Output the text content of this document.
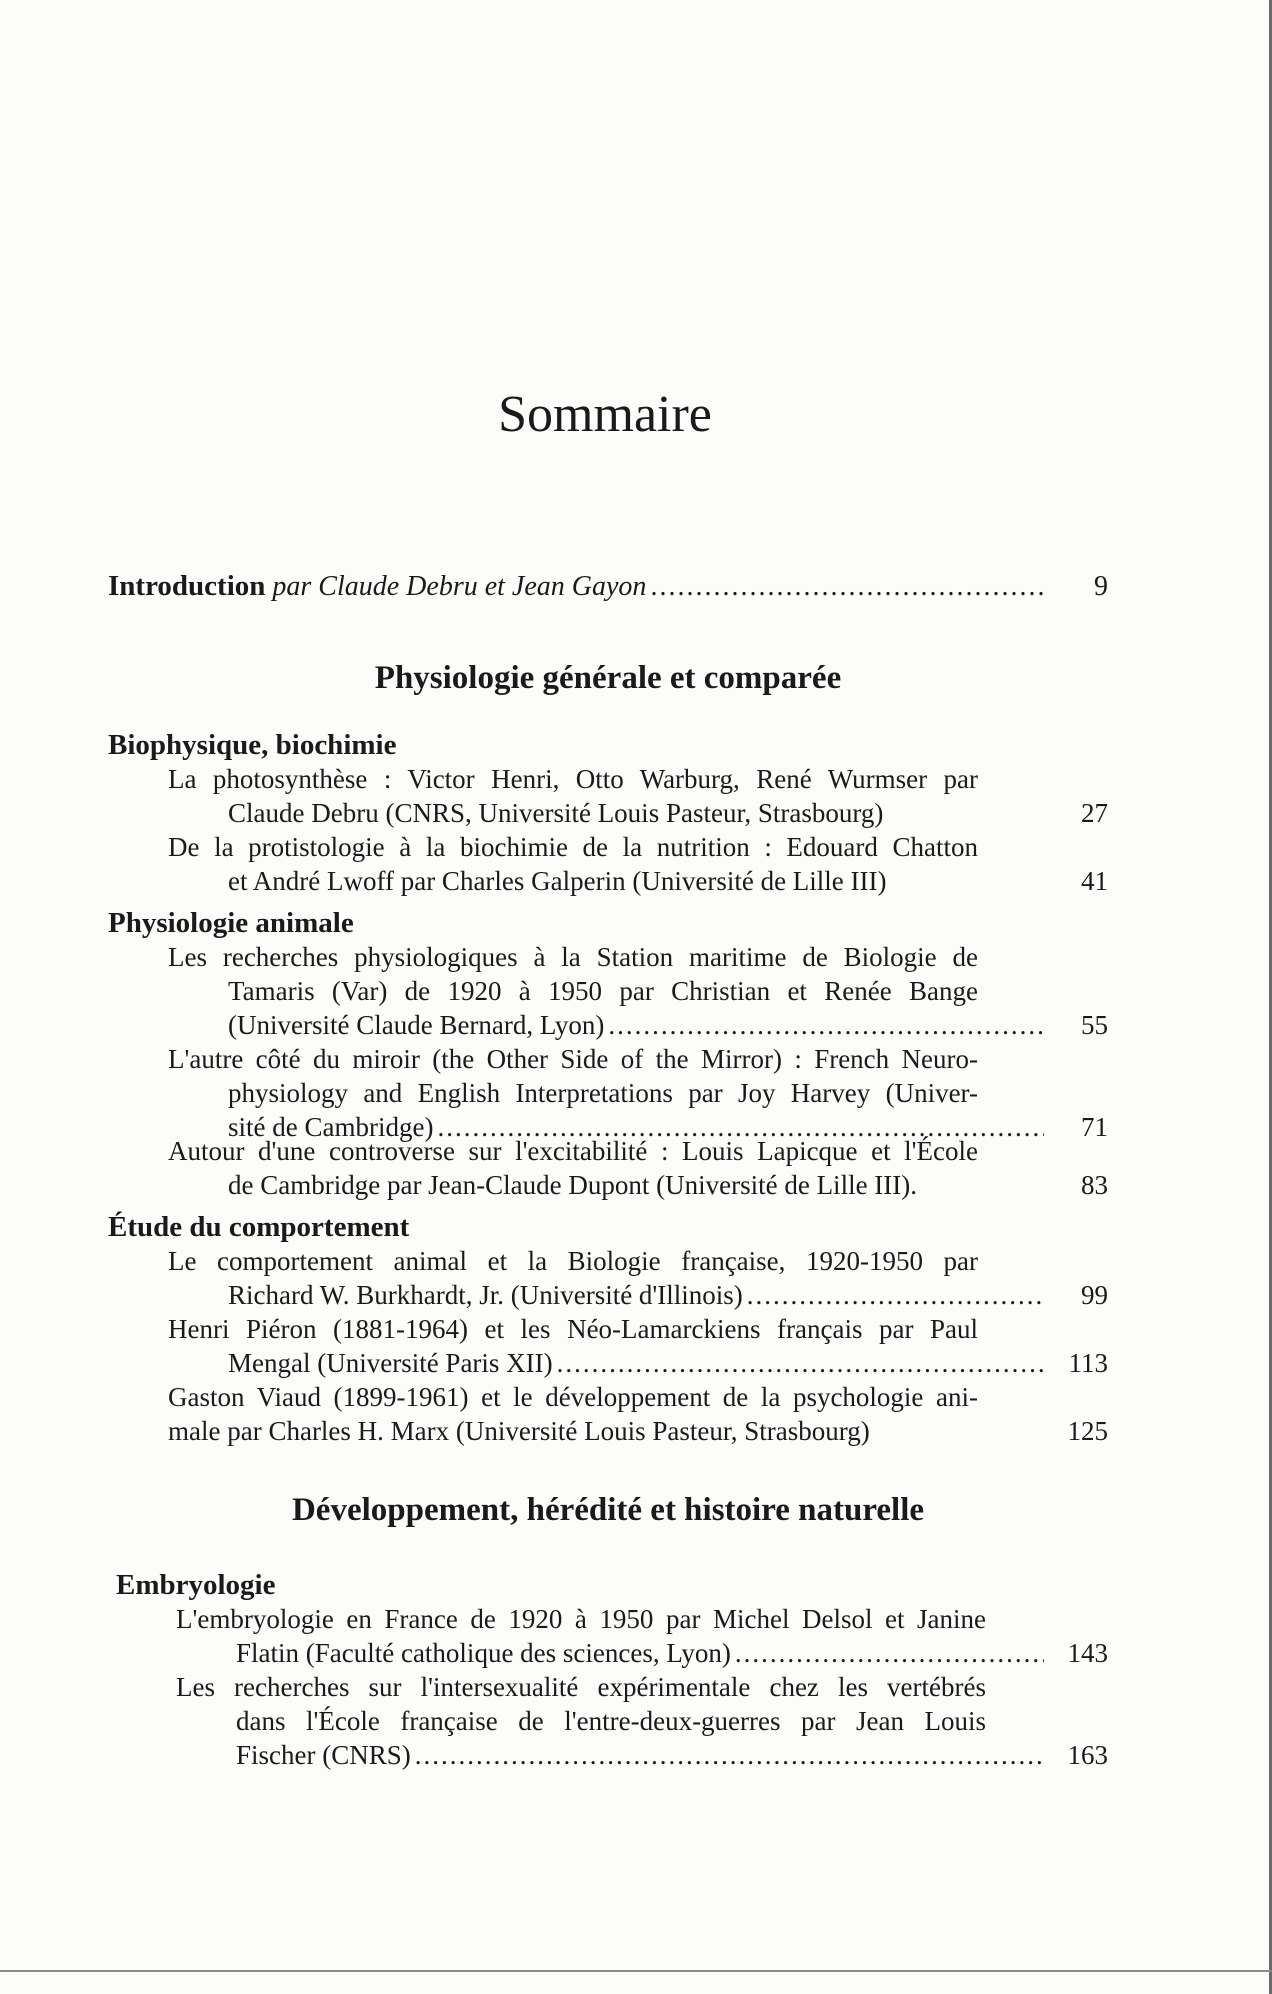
Sommaire
Introduction par Claude Debru et Jean Gayon .....	9
Physiologie générale et comparée
Biophysique, biochimie
La photosynthèse : Victor Henri, Otto Warburg, René Wurmser par
Claude Debru (CNRS, Université Louis Pasteur, Strasbourg)	27
De la protistologie à la biochimie de la nutrition : Edouard Chatton
et André Lwoff par Charles Galperin (Université de Lille III)	41
Physiologie animale
Les recherches physiologiques à la Station maritime de Biologie de
Tamaris (Var) de 1920 à 1950 par Christian et Renée Bange
(Université Claude Bernard, Lyon) .....	55
L'autre côté du miroir (the Other Side of the Mirror) : French Neuro-
physiology and English Interpretations par Joy Harvey (Univer-
sité de Cambridge) .....	71
Autour d'une controverse sur l'excitabilité : Louis Lapicque et l'École
de Cambridge par Jean-Claude Dupont (Université de Lille III).	83
Étude du comportement
Le comportement animal et la Biologie française, 1920-1950 par
Richard W. Burkhardt, Jr. (Université d'Illinois) .....	99
Henri Piéron (1881-1964) et les Néo-Lamarckiens français par Paul
Mengal (Université Paris XII) .....	113
Gaston Viaud (1899-1961) et le développement de la psychologie ani-
male par Charles H. Marx (Université Louis Pasteur, Strasbourg)	125
Développement, hérédité et histoire naturelle
Embryologie
L'embryologie en France de 1920 à 1950 par Michel Delsol et Janine
Flatin (Faculté catholique des sciences, Lyon) .....	143
Les recherches sur l'intersexualité expérimentale chez les vertébrés
dans l'École française de l'entre-deux-guerres par Jean Louis
Fischer (CNRS) .....	163
